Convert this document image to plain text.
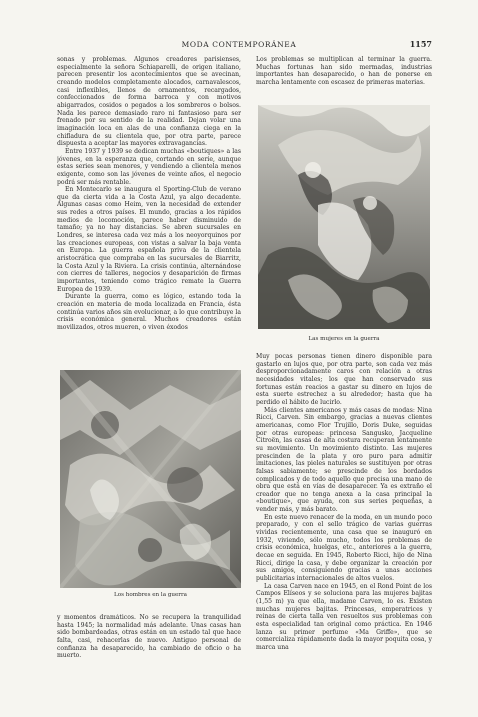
MODA CONTEMPORÁNEA	1157

sonas y problemas. Algunos creadores parisienses, especialmente la señora Schiaparelli, de origen italiano, parecen presentir los acontecimientos que se avecinan, creando modelos completamente alocados, carnavalescos, casi inflexibles, llenos de ornamentos, recargados, confeccionados de forma barroca y con motivos abigarrados, cosidos o pegados a los sombreros o bolsos. Nada les parece demasiado raro ni fantasioso para ser frenado por su sentido de la realidad. Dejan volar una imaginación loca en alas de una confianza ciega en la chifladura de su clientela que, por otra parte, parece dispuesta a aceptar las mayores extravagancias.

Entre 1937 y 1939 se dedican muchas «boutiques» a las jóvenes, en la esperanza que, cortando en serie, aunque estas series sean menores, y vendiendo a clientela menos exigente, como son las jóvenes de veinte años, el negocio podrá ser más rentable.

En Montecarlo se inaugura el Sporting-Club de verano que da cierta vida a la Costa Azul, ya algo decadente. Algunas casas como Heim, ven la necesidad de extender sus redes a otros países. El mundo, gracias a los rápidos medios de locomoción, parece haber disminuido de tamaño; ya no hay distancias. Se abren sucursales en Londres, se interesa cada vez más a los neoyorquinos por las creaciones europeas, con vistas a salvar la baja venta en Europa. La guerra española priva de la clientela aristocrática que compraba en las sucursales de Biarritz, la Costa Azul y la Riviera. La crisis continúa, alternándose con cierres de talleres, negocios y desaparición de firmas importantes, teniendo como trágico remate la Guerra Europea de 1939.

Durante la guerra, como es lógico, estando toda la creación en materia de moda localizada en Francia, ésta continúa varios años sin evolucionar, a lo que contribuye la crisis económica general. Muchos creadores están movilizados, otros mueren, o viven éxodos

Los hombres en la guerra

y momentos dramáticos. No se recupera la tranquilidad hasta 1945; la normalidad más adelante. Unas casas han sido bombardeadas, otras están en un estado tal que hace falta, casi, rehacerlas de nuevo. Antiguo personal de confianza ha desaparecido, ha cambiado de oficio o ha muerto.

Los problemas se multiplican al terminar la guerra. Muchas fortunas han sido mermadas, industrias importantes han desaparecido, o han de ponerse en marcha lentamente con escasez de primeras materias.

Las mujeres en la guerra

Muy pocas personas tienen dinero disponible para gastarlo en lujos que, por otra parte, son cada vez más desproporcionadamente caros con relación a otras necesidades vitales; los que han conservado sus fortunas están reacios a gastar su dinero en lujos de esta suerte estrechez a su alrededor; hasta que ha perdido el hábito de lucirlo.

Más clientes americanos y más casas de modas: Nina Ricci, Carven. Sin embargo, gracias a nuevas clientes americanas, como Flor Trujillo, Doris Duke, seguidas por otras europeas: princesa Sangusko, Jacqueline Citroën, las casas de alta costura recuperan lentamente su movimiento. Un movimiento distinto. Las mujeres prescinden de la plata y oro puro para admitir imitaciones, las pieles naturales se sustituyen por otras falsas sabiamente; se prescinde de los bordados complicados y de todo aquello que precisa una mano de obra que está en vías de desaparecer. Ya es extraño el creador que no tenga anexa a la casa principal la «boutique», que ayuda, con sus series pequeñas, a vender más, y más barato.

En este nuevo renacer de la moda, en un mundo poco preparado, y con el sello trágico de varias guerras vividas recientemente, una casa que se inauguró en 1932, viviendo, sólo mucho, todos los problemas de crisis económica, huelgas, etc., anteriores a la guerra, decae en seguida. En 1945, Roberto Ricci, hijo de Nina Ricci, dirige la casa, y debe organizar la creación por sus amigos, consiguiendo gracias a unas acciones publicitarias internacionales de altos vuelos.

La casa Carven nace en 1945, en el Rond Point de los Campos Elíseos y se soluciona para las mujeres bajitas (1,55 m) ya que ella, madame Carven, lo es. Existen muchas mujeres bajitas. Princesas, emperatrices y reinas de cierta talla ven resueltos sus problemas con esta especialidad tan original como práctica. En 1946 lanza su primer perfume «Ma Griffe», que se comercializa rápidamente dada la mayor poquita cosa, y marca una
